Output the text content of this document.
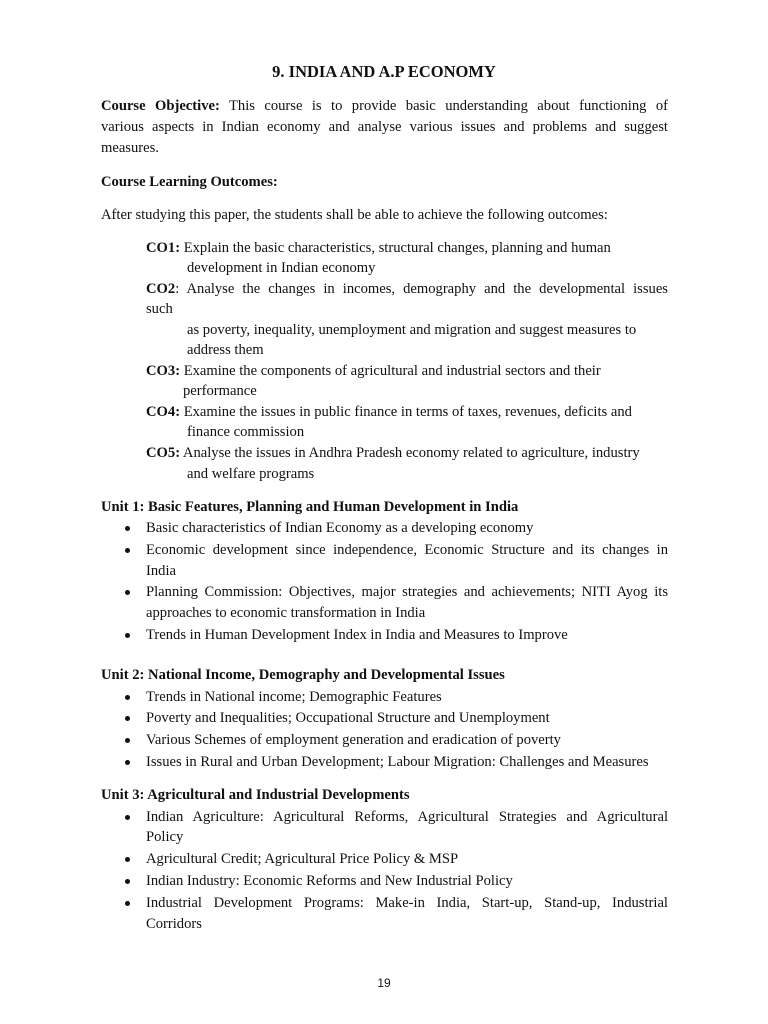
9. INDIA AND A.P ECONOMY
Course Objective: This course is to provide basic understanding about functioning of
various aspects in Indian economy and analyse various issues and problems and suggest
measures.
Course Learning Outcomes:
After studying this paper, the students shall be able to achieve the following outcomes:
CO1: Explain the basic characteristics, structural changes, planning and human
development in Indian economy
CO2: Analyse the changes in incomes, demography and the developmental issues
such
as poverty, inequality, unemployment and migration and suggest measures to
address them
CO3: Examine the components of agricultural and industrial sectors and their
performance
CO4: Examine the issues in public finance in terms of taxes, revenues, deficits and
finance commission
CO5: Analyse the issues in Andhra Pradesh economy related to agriculture, industry
and welfare programs
Unit 1: Basic Features, Planning and Human Development in India
Basic characteristics of Indian Economy as a developing economy
Economic development since independence, Economic Structure and its changes in
India
Planning Commission: Objectives, major strategies and achievements; NITI Ayog its
approaches to economic transformation in India
Trends in Human Development Index in India and Measures to Improve
Unit 2: National Income, Demography and Developmental Issues
Trends in National income; Demographic Features
Poverty and Inequalities; Occupational Structure and Unemployment
Various Schemes of employment generation and eradication of poverty
Issues in Rural and Urban Development; Labour Migration: Challenges and Measures
Unit 3: Agricultural and Industrial Developments
Indian Agriculture: Agricultural Reforms, Agricultural Strategies and Agricultural
Policy
Agricultural Credit; Agricultural Price Policy & MSP
Indian Industry: Economic Reforms and New Industrial Policy
Industrial Development Programs: Make-in India, Start-up, Stand-up, Industrial
Corridors
19
